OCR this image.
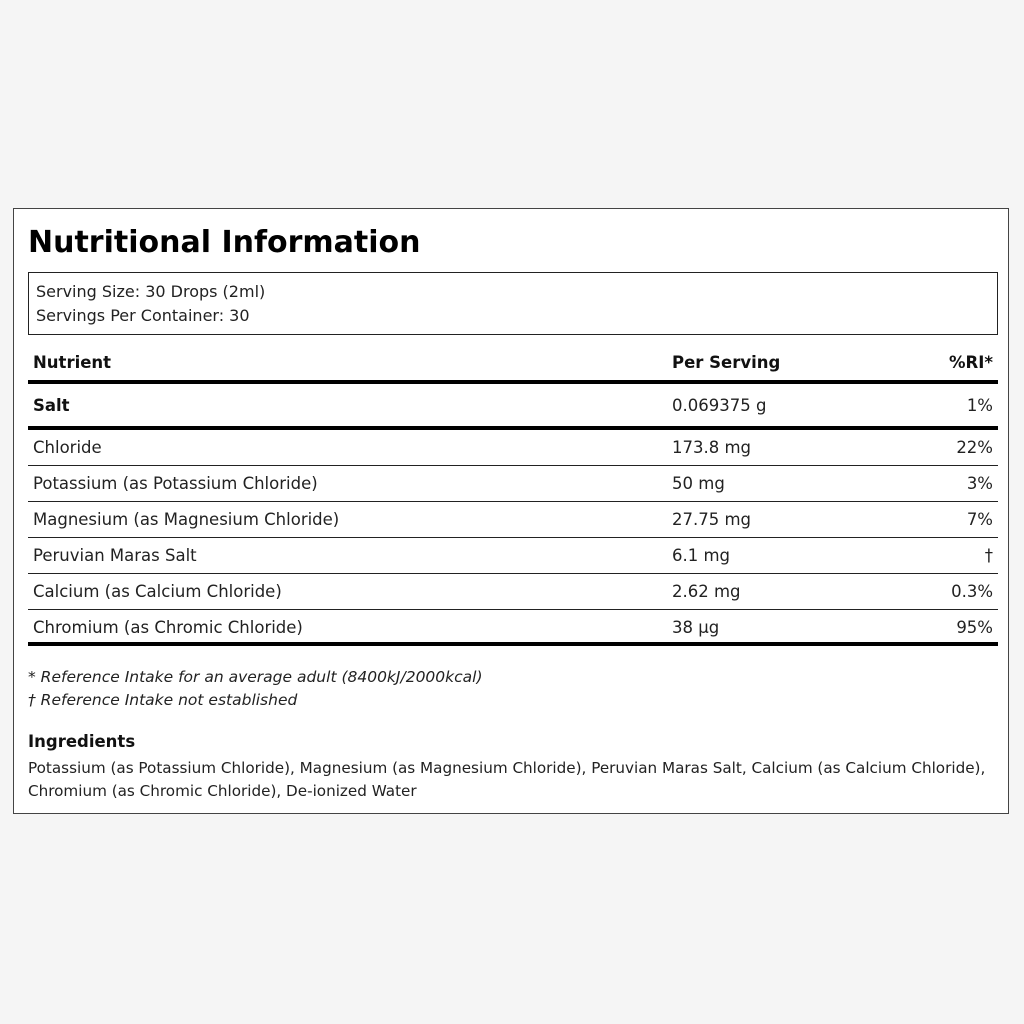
Nutritional Information
Serving Size: 30 Drops (2ml)
Servings Per Container: 30
Nutrient	Per Serving	%RI*
Salt	0.069375 g	1%
Chloride	173.8 mg	22%
Potassium (as Potassium Chloride)	50 mg	3%
Magnesium (as Magnesium Chloride)	27.75 mg	7%
Peruvian Maras Salt	6.1 mg	†
Calcium (as Calcium Chloride)	2.62 mg	0.3%
Chromium (as Chromic Chloride)	38 µg	95%
* Reference Intake for an average adult (8400kJ/2000kcal)
† Reference Intake not established
Ingredients
Potassium (as Potassium Chloride), Magnesium (as Magnesium Chloride), Peruvian Maras Salt, Calcium (as Calcium Chloride), Chromium (as Chromic Chloride), De-ionized Water
